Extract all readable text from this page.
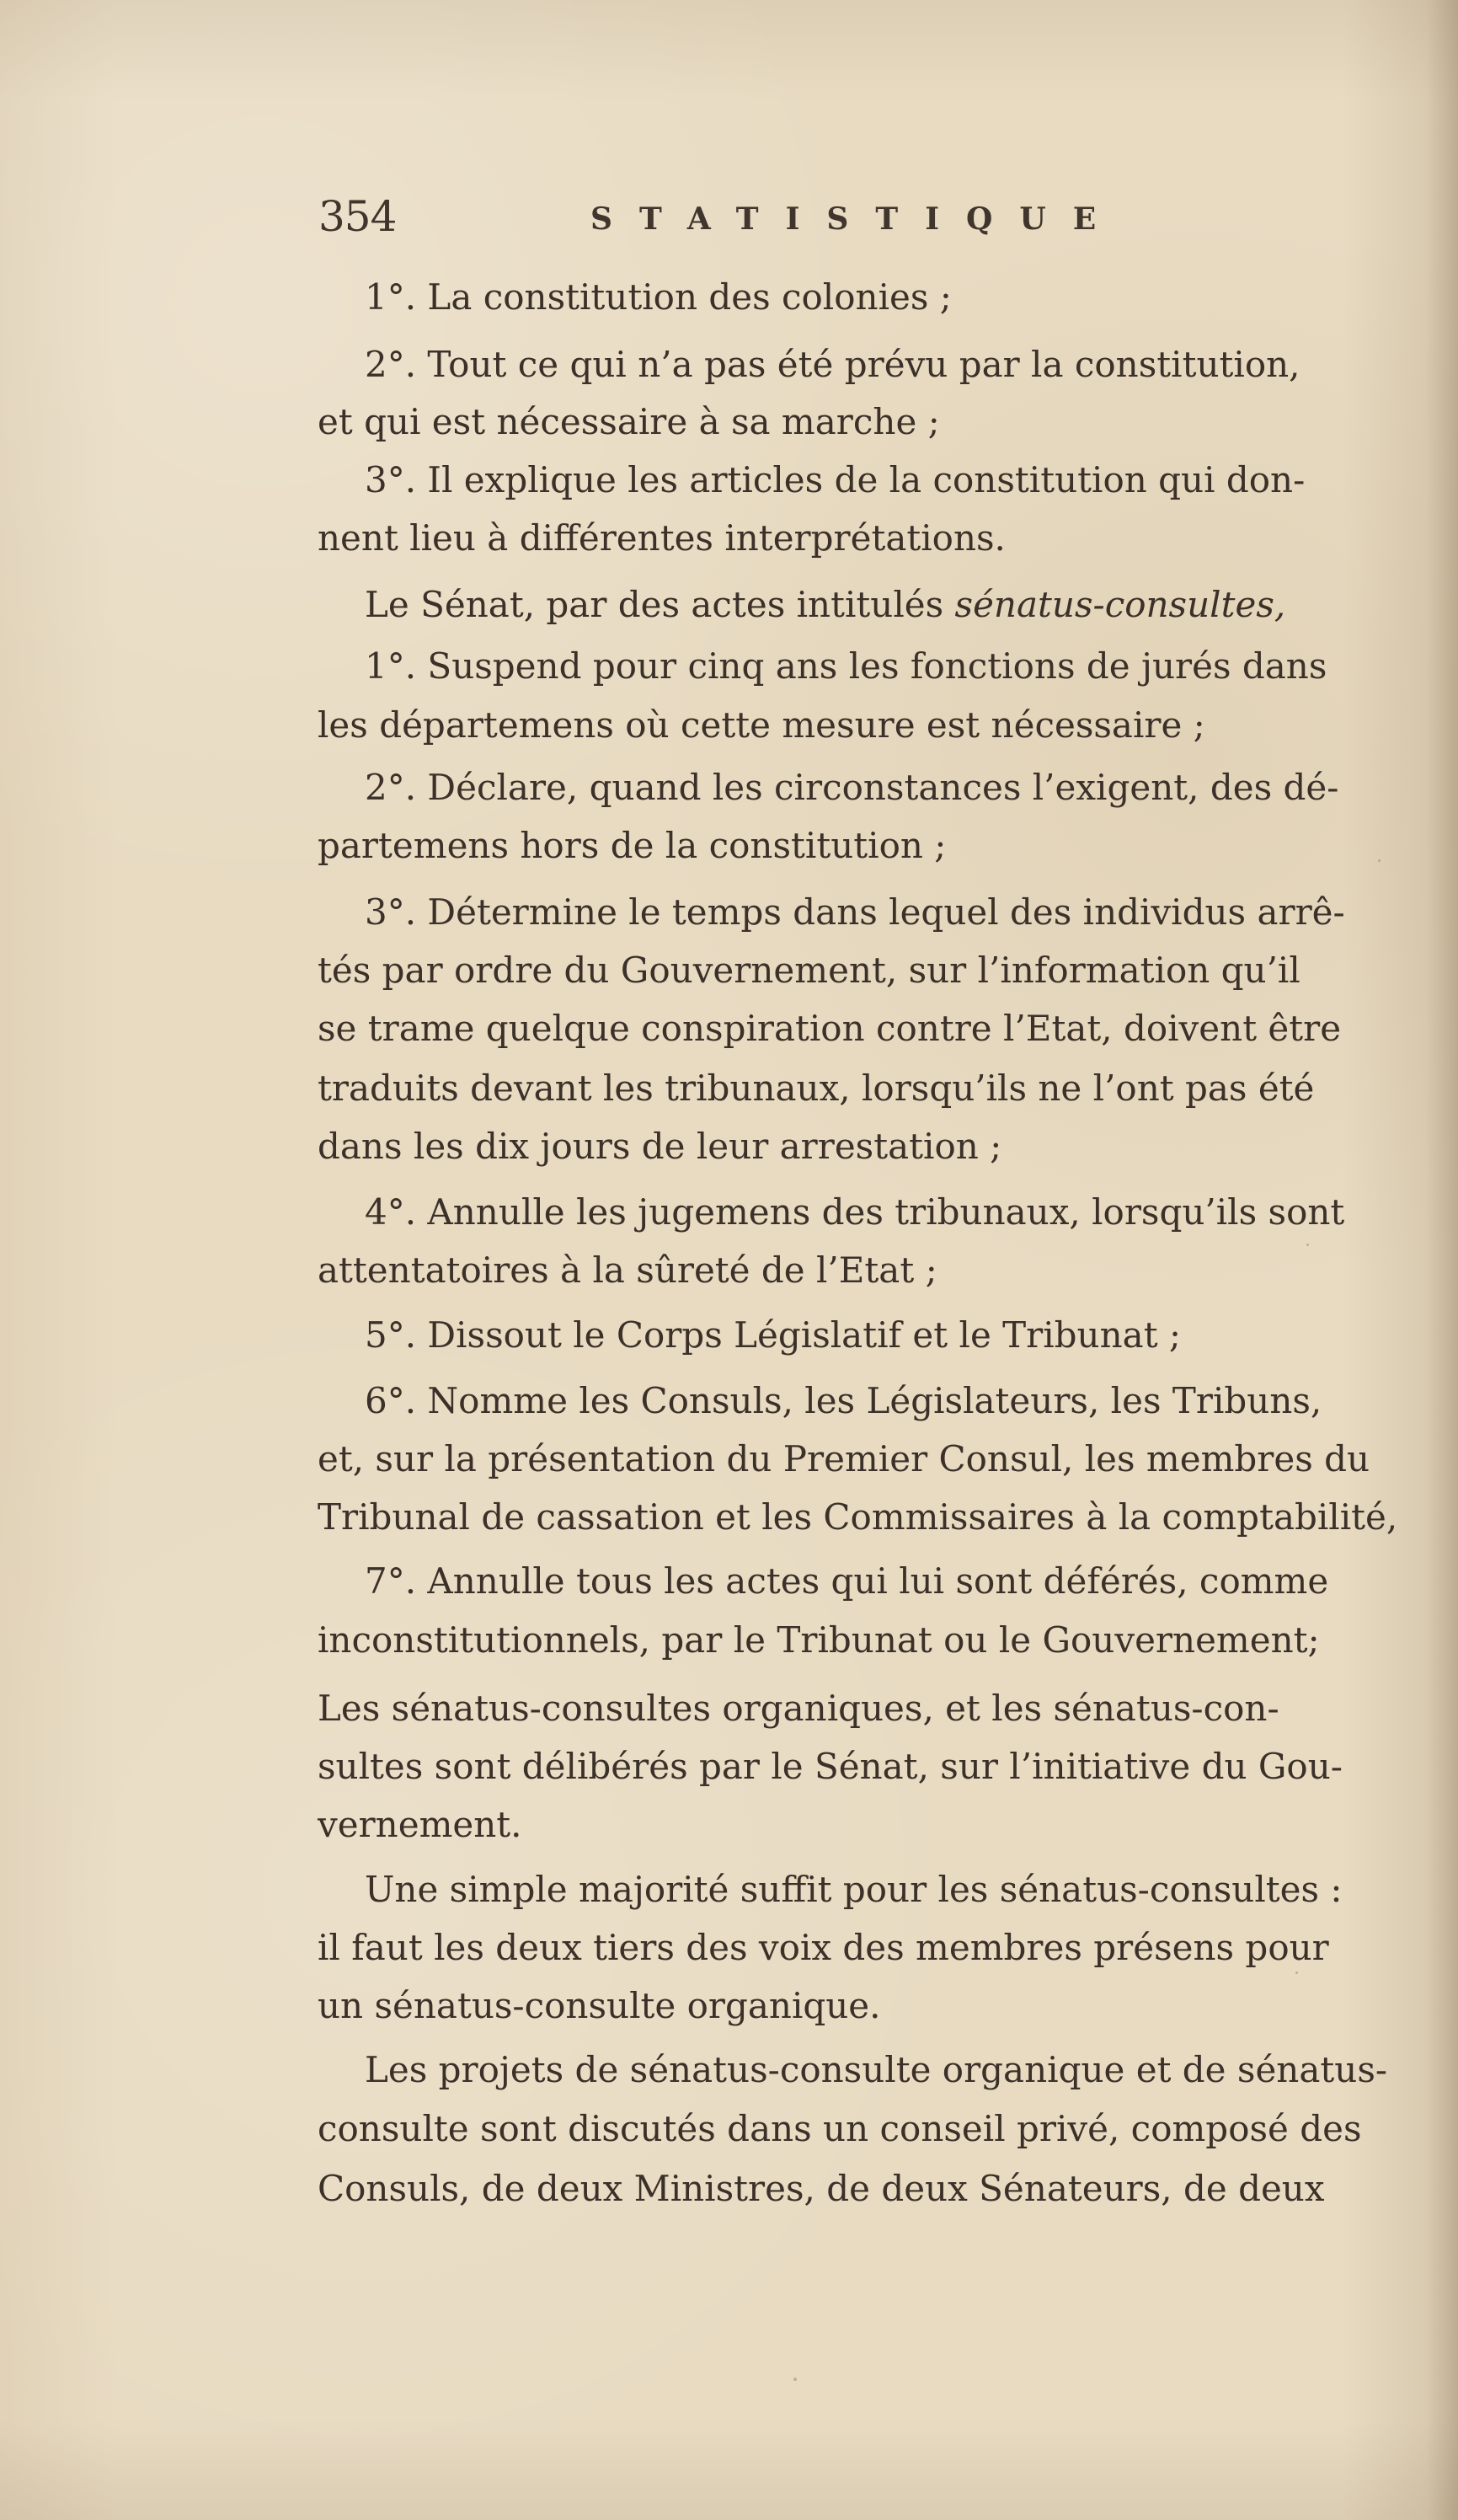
354	STATISTIQUE
1°. La constitution des colonies ;
2°. Tout ce qui n’a pas été prévu par la constitution,
et qui est nécessaire à sa marche ;
3°. Il explique les articles de la constitution qui don-
nent lieu à différentes interprétations.
Le Sénat, par des actes intitulés sénatus-consultes,
1°. Suspend pour cinq ans les fonctions de jurés dans
les départemens où cette mesure est nécessaire ;
2°. Déclare, quand les circonstances l’exigent, des dé-
partemens hors de la constitution ;
3°. Détermine le temps dans lequel des individus arrê-
tés par ordre du Gouvernement, sur l’information qu’il
se trame quelque conspiration contre l’Etat, doivent être
traduits devant les tribunaux, lorsqu’ils ne l’ont pas été
dans les dix jours de leur arrestation ;
4°. Annulle les jugemens des tribunaux, lorsqu’ils sont
attentatoires à la sûreté de l’Etat ;
5°. Dissout le Corps Législatif et le Tribunat ;
6°. Nomme les Consuls, les Législateurs, les Tribuns,
et, sur la présentation du Premier Consul, les membres du
Tribunal de cassation et les Commissaires à la comptabilité,
7°. Annulle tous les actes qui lui sont déférés, comme
inconstitutionnels, par le Tribunat ou le Gouvernement;
Les sénatus-consultes organiques, et les sénatus-con-
sultes sont délibérés par le Sénat, sur l’initiative du Gou-
vernement.
Une simple majorité suffit pour les sénatus-consultes :
il faut les deux tiers des voix des membres présens pour
un sénatus-consulte organique.
Les projets de sénatus-consulte organique et de sénatus-
consulte sont discutés dans un conseil privé, composé des
Consuls, de deux Ministres, de deux Sénateurs, de deux
